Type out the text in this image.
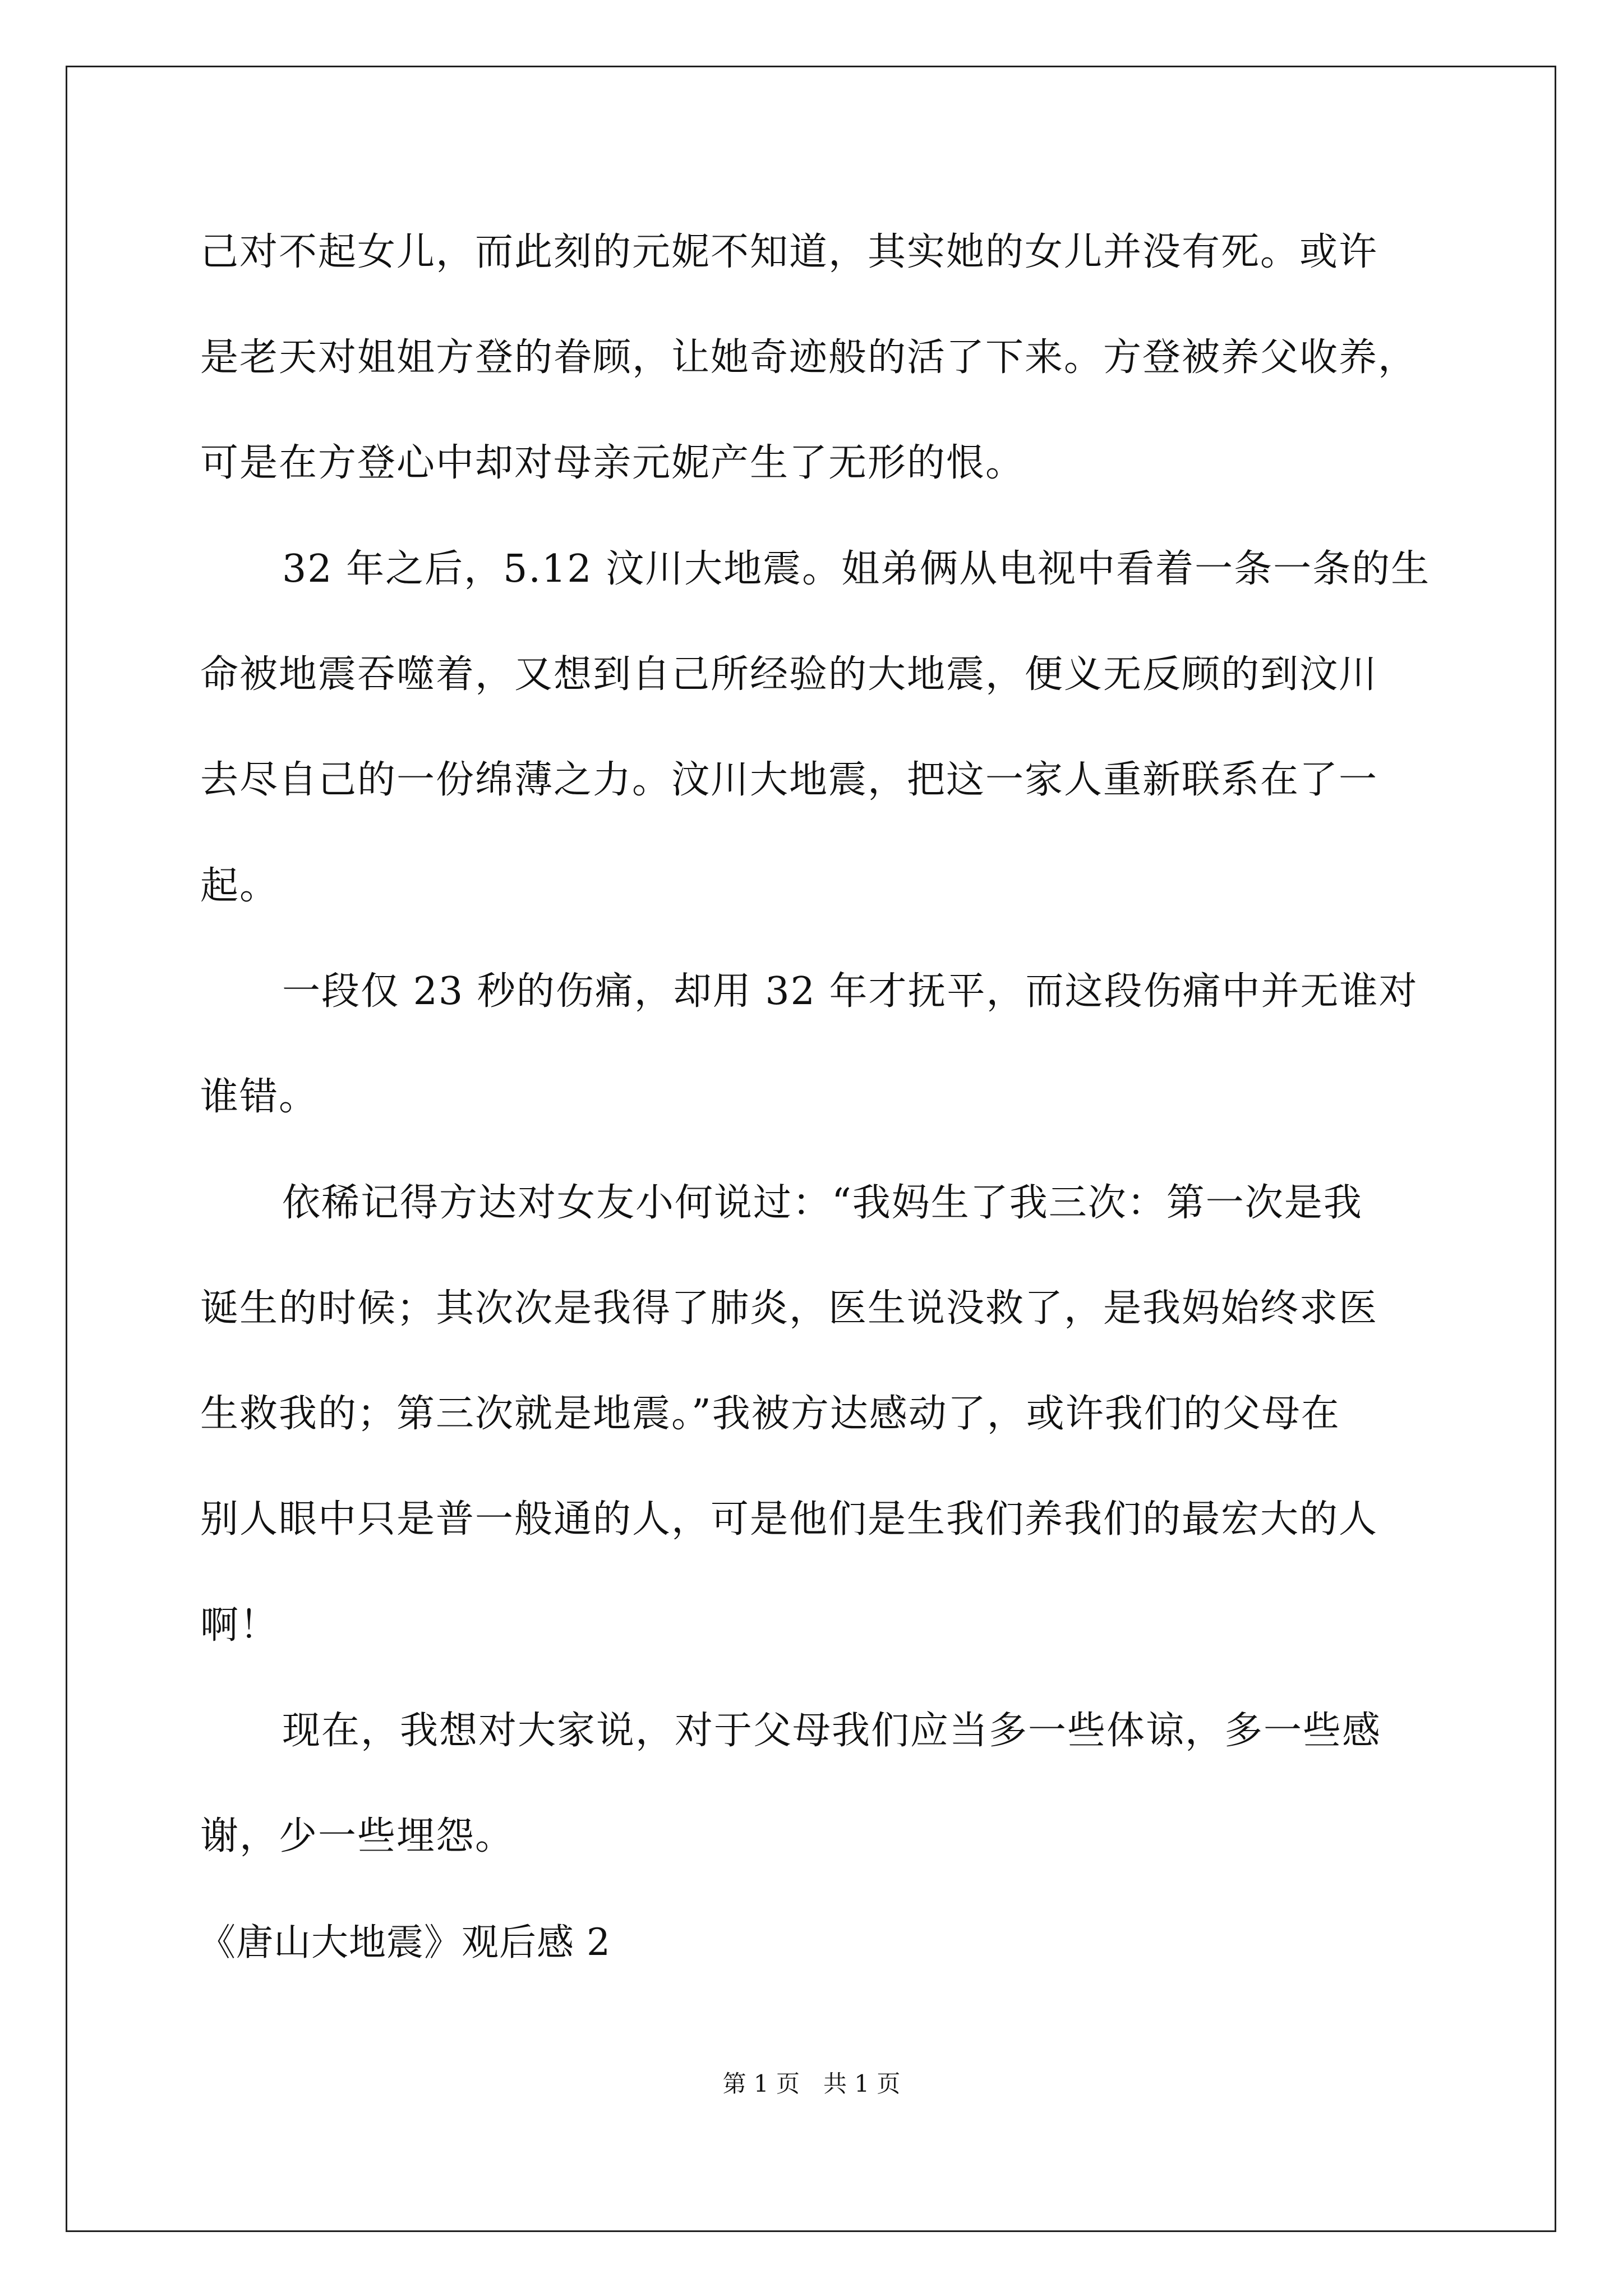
己对不起女儿，而此刻的元妮不知道，其实她的女儿并没有死。或许
是老天对姐姐方登的眷顾，让她奇迹般的活了下来。方登被养父收养，
可是在方登心中却对母亲元妮产生了无形的恨。
32 年之后，5.12 汶川大地震。姐弟俩从电视中看着一条一条的生
命被地震吞噬着，又想到自己所经验的大地震，便义无反顾的到汶川
去尽自己的一份绵薄之力。汶川大地震，把这一家人重新联系在了一
起。
一段仅 23 秒的伤痛，却用 32 年才抚平，而这段伤痛中并无谁对
谁错。
依稀记得方达对女友小何说过：“我妈生了我三次：第一次是我
诞生的时候；其次次是我得了肺炎，医生说没救了，是我妈始终求医
生救我的；第三次就是地震。”我被方达感动了，或许我们的父母在
别人眼中只是普一般通的人，可是他们是生我们养我们的最宏大的人
啊！
现在，我想对大家说，对于父母我们应当多一些体谅，多一些感
谢，少一些埋怨。
《唐山大地震》观后感 2
第 1 页　共 1 页
